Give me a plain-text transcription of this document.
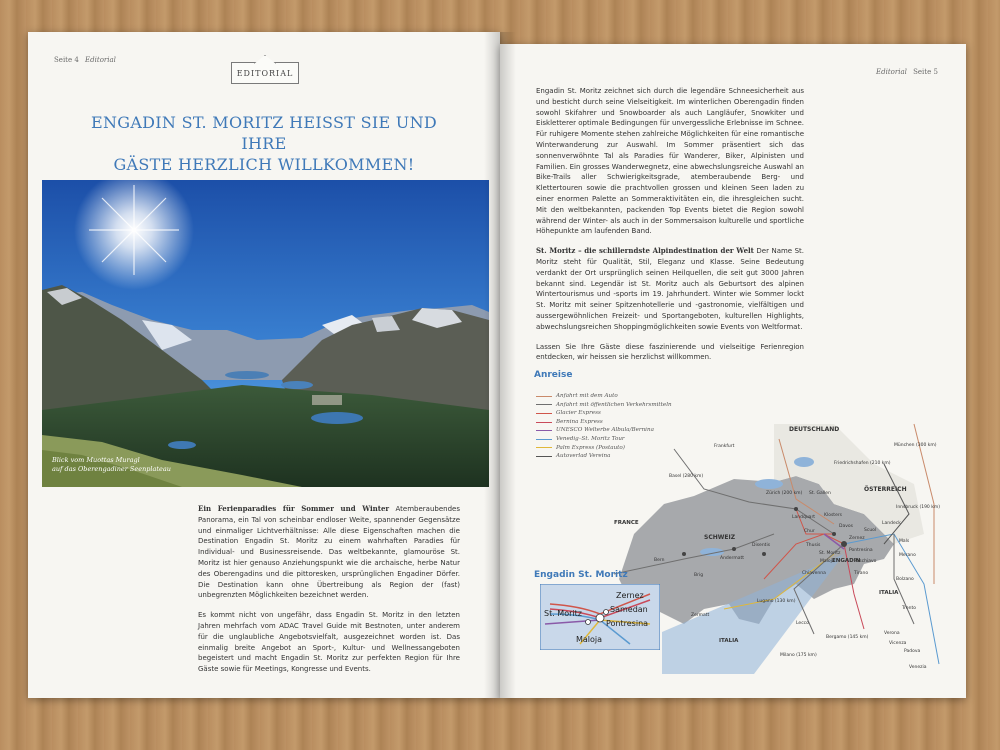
Seite 4 Editorial
EDITORIAL
ENGADIN ST. MORITZ HEISST SIE UND IHRE
GÄSTE HERZLICH WILLKOMMEN!
Blick vom Muottas Muragl
auf das Oberengadiner Seenplateau

Ein Ferienparadies für Sommer und Winter Atemberaubendes Panorama, ein Tal von scheinbar endloser Weite, spannender Gegensätze und einmaliger Lichtverhältnisse: Alle diese Eigenschaften machen die Destination Engadin St. Moritz zu einem wahrhaften Paradies für Individual- und Businessreisende. Das weltbekannte, glamouröse St. Moritz ist hier genauso Anziehungspunkt wie die archaische, herbe Natur des Oberengadins und die pittoresken, ursprünglichen Engadiner Dörfer. Die Destination kann ohne Übertreibung als Region der (fast) unbegrenzten Möglichkeiten bezeichnet werden.

Es kommt nicht von ungefähr, dass Engadin St. Moritz in den letzten Jahren mehrfach vom ADAC Travel Guide mit Bestnoten, unter anderem für die unglaubliche Angebotsvielfalt, ausgezeichnet worden ist. Das einmalig breite Angebot an Sport-, Kultur- und Wellnessangeboten begeistert und macht Engadin St. Moritz zur perfekten Region für Ihre Gäste sowie für Meetings, Kongresse und Events.

Editorial Seite 5

Engadin St. Moritz zeichnet sich durch die legendäre Schneesicherheit aus und besticht durch seine Vielseitigkeit. Im winterlichen Oberengadin finden sowohl Skifahrer und Snowboarder als auch Langläufer, Snowkiter und Eiskletterer optimale Bedingungen für unvergessliche Erlebnisse im Schnee. Für ruhigere Momente stehen zahlreiche Möglichkeiten für eine romantische Winterwanderung zur Auswahl. Im Sommer präsentiert sich das sonnenverwöhnte Tal als Paradies für Wanderer, Biker, Alpinisten und Familien. Ein grosses Wanderwegnetz, eine abwechslungsreiche Auswahl an Bike-Trails aller Schwierigkeitsgrade, atemberaubende Berg- und Klettertouren sowie die prachtvollen grossen und kleinen Seen laden zu einer enormen Palette an Sommeraktivitäten ein, die ihresgleichen sucht. Mit den weltbekannten, packenden Top Events bietet die Region sowohl während der Winter- als auch in der Sommersaison kulturelle und sportliche Höhepunkte am laufenden Band.

St. Moritz – die schillerndste Alpindestination der Welt Der Name St. Moritz steht für Qualität, Stil, Eleganz und Klasse. Seine Bedeutung verdankt der Ort ursprünglich seinen Heilquellen, die seit gut 3000 Jahren bekannt sind. Legendär ist St. Moritz auch als Geburtsort des alpinen Wintertourismus und -sports im 19. Jahrhundert. Winter wie Sommer lockt St. Moritz mit seiner Spitzenhotellerie und -gastronomie, vielfältigen und aussergewöhnlichen Freizeit- und Sportangeboten, kulturellen Highlights, abwechslungsreichen Shoppingmöglichkeiten sowie Events von Weltformat.

Lassen Sie Ihre Gäste diese faszinierende und vielseitige Ferienregion entdecken, wir heissen sie herzlichst willkommen.

Anreise
DEUTSCHLAND
ÖSTERREICH
FRANCE
SCHWEIZ
ITALIA
ITALIA
ENGADIN
Frankfurt
Basel (280 km)
Zürich (200 km) St. Gallen
Friedrichshafen (210 km)
München (300 km)
Innsbruck (190 km)
Landeck
Bern
Chur
Landquart Klosters
Davos
Thusis
Disentis
Andermatt
Brig
Zermatt
Lugano (130 km)
Chiavenna
Lecco
Bergamo (145 km)
Milano (175 km)
Pontresina
Poschiavo
Tirano
Zernez
St. Moritz
Maloja
Scuol
Mals
Merano
Bolzano
Trento
Verona
Vicenza
Padova
Venezia
Anfahrt mit dem Auto
Anfahrt mit öffentlichen Verkehrsmitteln
Glacier Express
Bernina Express
UNESCO Welterbe Albula/Bernina
Venedig–St. Moritz Tour
Palm Express (Postauto)
Autoverlad Vereina
Engadin St. Moritz
Zernez
Samedan
Pontresina
St. Moritz
Maloja
